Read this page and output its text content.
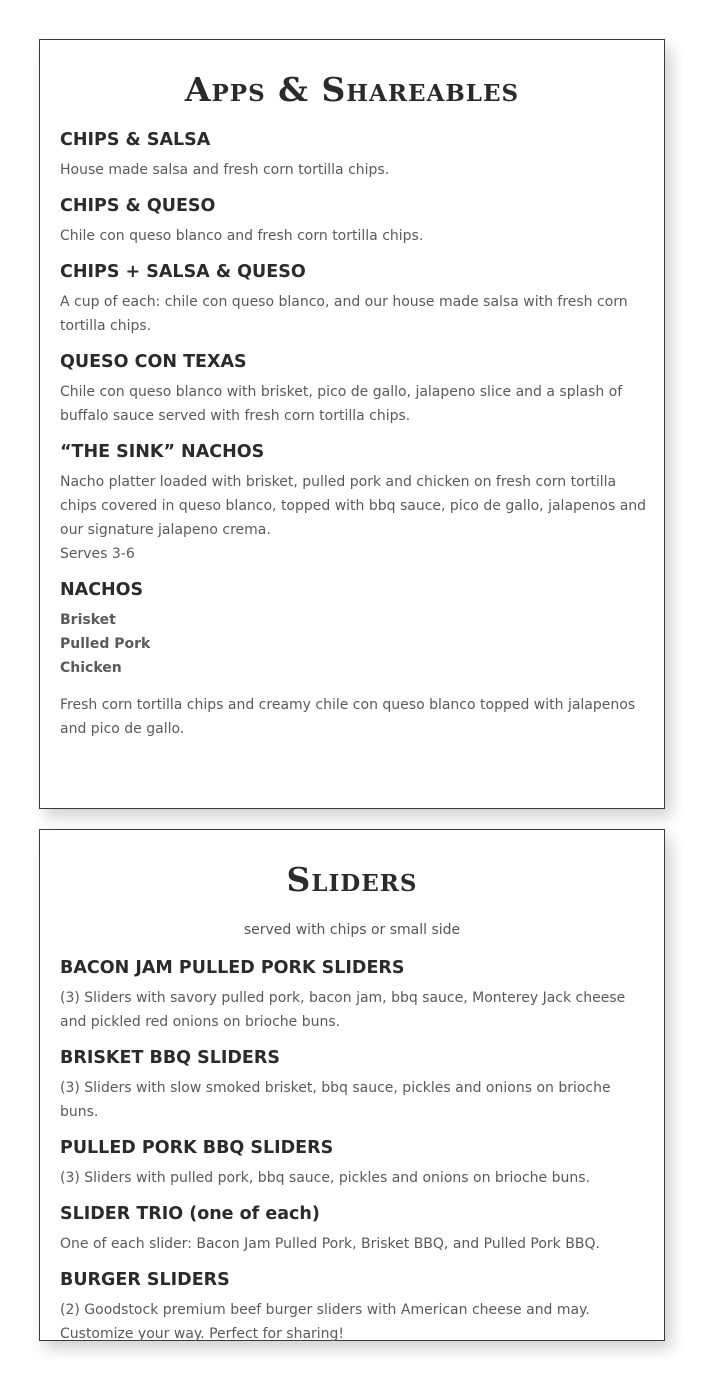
Apps & Shareables
CHIPS & SALSA

House made salsa and fresh corn tortilla chips.

CHIPS & QUESO

Chile con queso blanco and fresh corn tortilla chips.

CHIPS + SALSA & QUESO

A cup of each: chile con queso blanco, and our house made salsa with fresh corn tortilla chips.

QUESO CON TEXAS

Chile con queso blanco with brisket, pico de gallo, jalapeno slice and a splash of buffalo sauce served with fresh corn tortilla chips.

“THE SINK” NACHOS

Nacho platter loaded with brisket, pulled pork and chicken on fresh corn tortilla chips covered in queso blanco, topped with bbq sauce, pico de gallo, jalapenos and our signature jalapeno crema.

Serves 3-6

NACHOS
Brisket
Pulled Pork
Chicken

Fresh corn tortilla chips and creamy chile con queso blanco topped with jalapenos and pico de gallo.

Sliders

served with chips or small side

BACON JAM PULLED PORK SLIDERS

(3) Sliders with savory pulled pork, bacon jam, bbq sauce, Monterey Jack cheese and pickled red onions on brioche buns.

BRISKET BBQ SLIDERS

(3) Sliders with slow smoked brisket, bbq sauce, pickles and onions on brioche buns.

PULLED PORK BBQ SLIDERS

(3) Sliders with pulled pork, bbq sauce, pickles and onions on brioche buns.

SLIDER TRIO (one of each)

One of each slider: Bacon Jam Pulled Pork, Brisket BBQ, and Pulled Pork BBQ.

BURGER SLIDERS

(2) Goodstock premium beef burger sliders with American cheese and may. Customize your way. Perfect for sharing!
